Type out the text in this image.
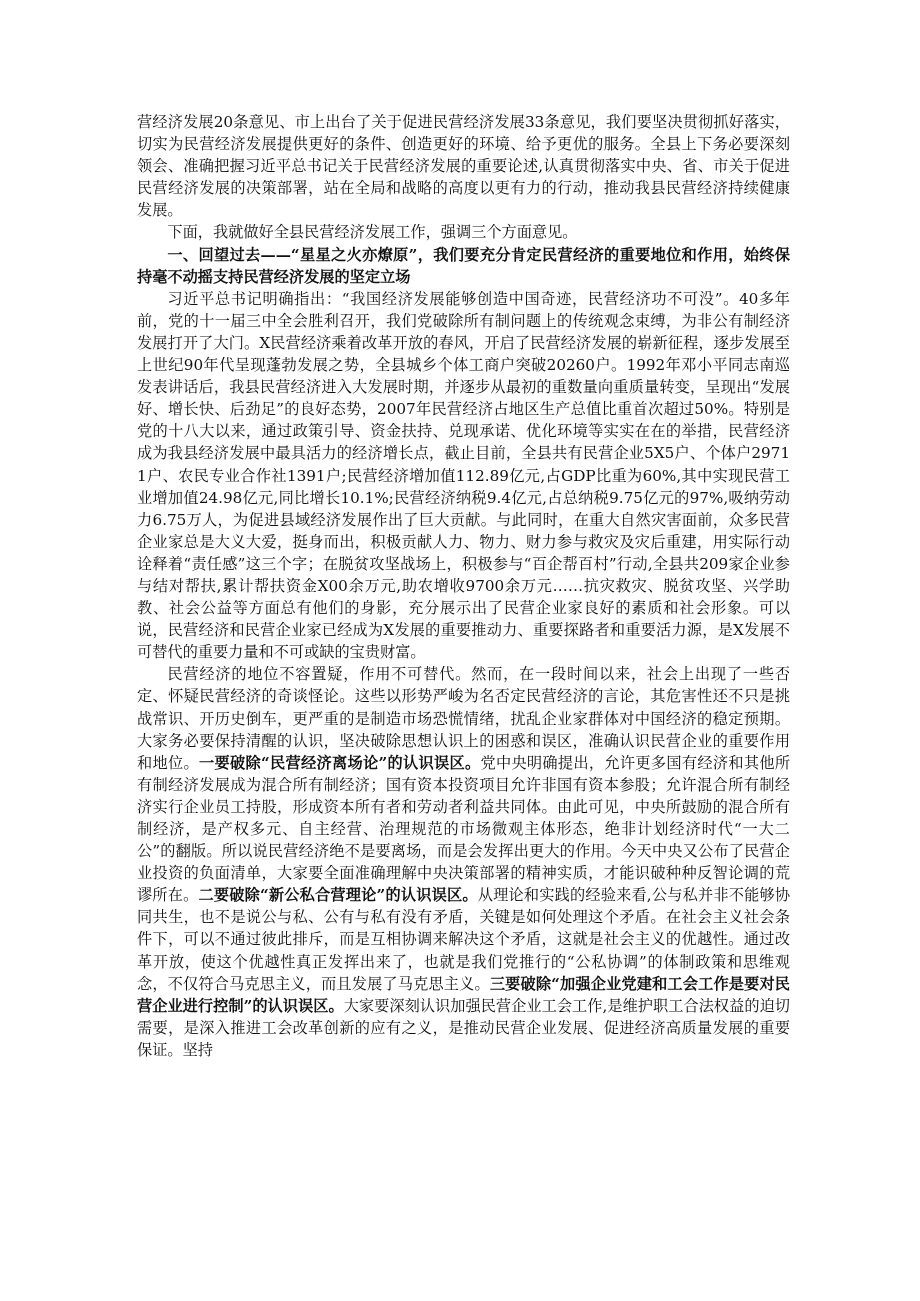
营经济发展20条意见、市上出台了关于促进民营经济发展33条意见，我们要坚决贯彻抓好落实，切实为民营经济发展提供更好的条件、创造更好的环境、给予更优的服务。全县上下务必要深刻领会、准确把握习近平总书记关于民营经济发展的重要论述,认真贯彻落实中央、省、市关于促进民营经济发展的决策部署，站在全局和战略的高度以更有力的行动，推动我县民营经济持续健康发展。

下面，我就做好全县民营经济发展工作，强调三个方面意见。

一、回望过去——“星星之火亦燎原”，我们要充分肯定民营经济的重要地位和作用，始终保持毫不动摇支持民营经济发展的坚定立场

习近平总书记明确指出：“我国经济发展能够创造中国奇迹，民营经济功不可没”。40多年前，党的十一届三中全会胜利召开，我们党破除所有制问题上的传统观念束缚，为非公有制经济发展打开了大门。X民营经济乘着改革开放的春风，开启了民营经济发展的崭新征程，逐步发展至上世纪90年代呈现蓬勃发展之势，全县城乡个体工商户突破20260户。1992年邓小平同志南巡发表讲话后，我县民营经济进入大发展时期，并逐步从最初的重数量向重质量转变，呈现出“发展好、增长快、后劲足”的良好态势，2007年民营经济占地区生产总值比重首次超过50%。特别是党的十八大以来，通过政策引导、资金扶持、兑现承诺、优化环境等实实在在的举措，民营经济成为我县经济发展中最具活力的经济增长点，截止目前，全县共有民营企业5X5户、个体户29711户、农民专业合作社1391户;民营经济增加值112.89亿元,占GDP比重为60%,其中实现民营工业增加值24.98亿元,同比增长10.1%;民营经济纳税9.4亿元,占总纳税9.75亿元的97%,吸纳劳动力6.75万人，为促进县域经济发展作出了巨大贡献。与此同时，在重大自然灾害面前，众多民营企业家总是大义大爱，挺身而出，积极贡献人力、物力、财力参与救灾及灾后重建，用实际行动诠释着“责任感”这三个字；在脱贫攻坚战场上，积极参与“百企帮百村”行动,全县共209家企业参与结对帮扶,累计帮扶资金X00余万元,助农增收9700余万元……抗灾救灾、脱贫攻坚、兴学助教、社会公益等方面总有他们的身影，充分展示出了民营企业家良好的素质和社会形象。可以说，民营经济和民营企业家已经成为X发展的重要推动力、重要探路者和重要活力源，是X发展不可替代的重要力量和不可或缺的宝贵财富。

民营经济的地位不容置疑，作用不可替代。然而，在一段时间以来，社会上出现了一些否定、怀疑民营经济的奇谈怪论。这些以形势严峻为名否定民营经济的言论，其危害性还不只是挑战常识、开历史倒车，更严重的是制造市场恐慌情绪，扰乱企业家群体对中国经济的稳定预期。大家务必要保持清醒的认识，坚决破除思想认识上的困惑和误区，准确认识民营企业的重要作用和地位。一要破除“民营经济离场论”的认识误区。党中央明确提出，允许更多国有经济和其他所有制经济发展成为混合所有制经济；国有资本投资项目允许非国有资本参股；允许混合所有制经济实行企业员工持股，形成资本所有者和劳动者利益共同体。由此可见，中央所鼓励的混合所有制经济，是产权多元、自主经营、治理规范的市场微观主体形态，绝非计划经济时代“一大二公”的翻版。所以说民营经济绝不是要离场，而是会发挥出更大的作用。今天中央又公布了民营企业投资的负面清单，大家要全面准确理解中央决策部署的精神实质，才能识破种种反智论调的荒谬所在。二要破除“新公私合营理论”的认识误区。从理论和实践的经验来看,公与私并非不能够协同共生，也不是说公与私、公有与私有没有矛盾，关键是如何处理这个矛盾。在社会主义社会条件下，可以不通过彼此排斥，而是互相协调来解决这个矛盾，这就是社会主义的优越性。通过改革开放，使这个优越性真正发挥出来了，也就是我们党推行的“公私协调”的体制政策和思维观念，不仅符合马克思主义，而且发展了马克思主义。三要破除“加强企业党建和工会工作是要对民营企业进行控制”的认识误区。大家要深刻认识加强民营企业工会工作,是维护职工合法权益的迫切需要，是深入推进工会改革创新的应有之义，是推动民营企业发展、促进经济高质量发展的重要保证。坚持
